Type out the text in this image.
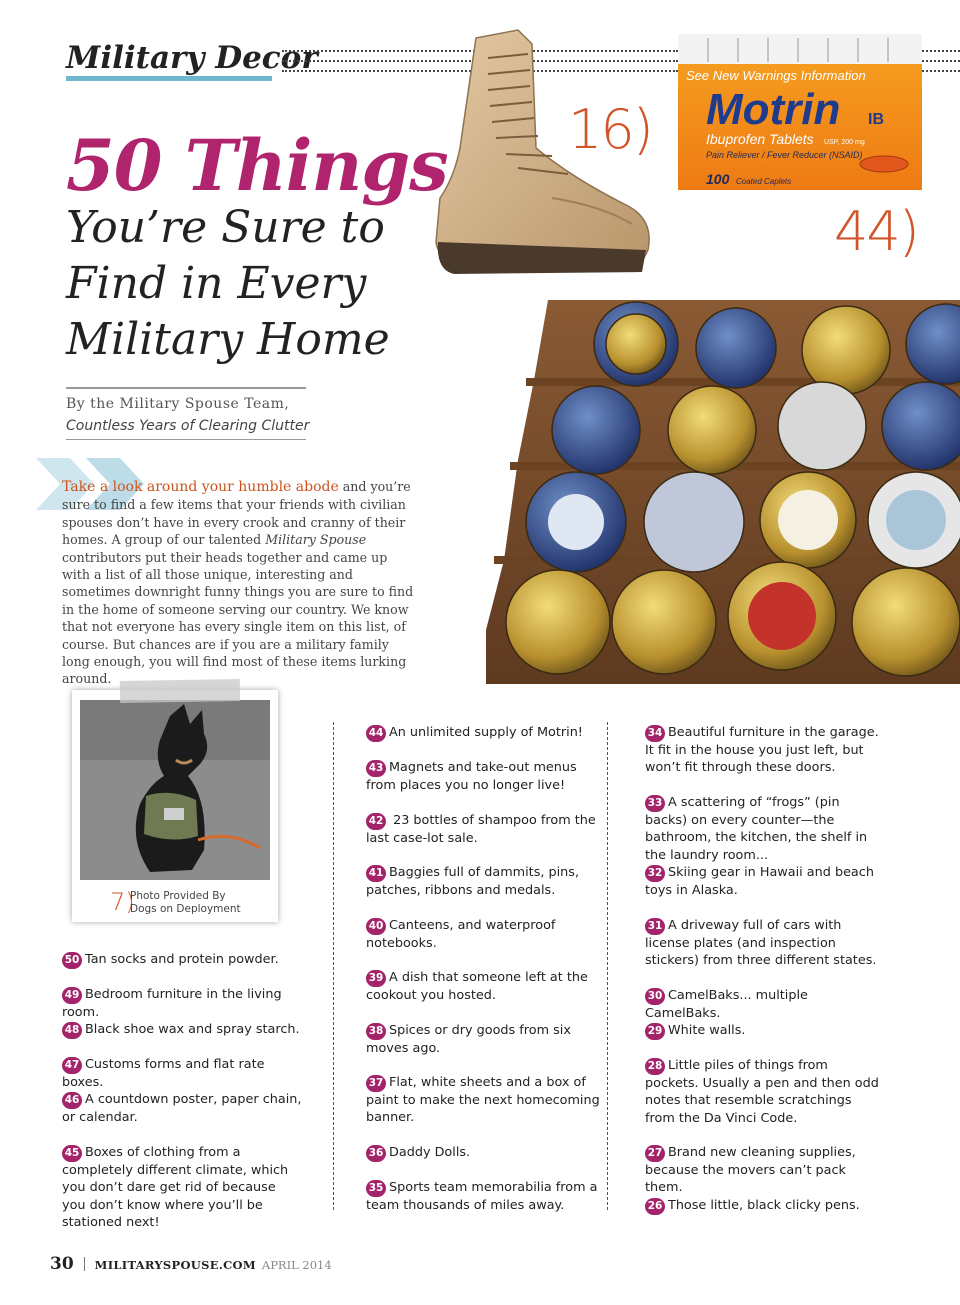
Military Decor
50 Things
You’re Sure to
Find in Every
Military Home
By the Military Spouse Team,
Countless Years of Clearing Clutter

Take a look around your humble abode and you’re sure to find a few items that your friends with civilian spouses don’t have in every crook and cranny of their homes. A group of our talented Military Spouse contributors put their heads together and came up with a list of all those unique, interesting and sometimes downright funny things you are sure to find in the home of someone serving our country. We know that not everyone has every single item on this list, of course. But chances are if you are a military family long enough, you will find most of these items lurking around.

16)
See New Warnings Information
Motrin IB
Ibuprofen Tablets USP, 200 mg
Pain Reliever / Fever Reducer (NSAID)
100 Coated Caplets
44)
7)
Photo Provided By
Dogs on Deployment
50 Tan socks and protein powder.
49 Bedroom furniture in the living room.
48 Black shoe wax and spray starch.
47 Customs forms and flat rate boxes.
46 A countdown poster, paper chain, or calendar.
45 Boxes of clothing from a completely different climate, which you don’t dare get rid of because you don’t know where you’ll be stationed next!
44 An unlimited supply of Motrin!
43 Magnets and take-out menus from places you no longer live!
42 23 bottles of shampoo from the last case-lot sale.
41 Baggies full of dammits, pins, patches, ribbons and medals.
40 Canteens, and waterproof notebooks.
39 A dish that someone left at the cookout you hosted.
38 Spices or dry goods from six moves ago.
37 Flat, white sheets and a box of paint to make the next homecoming banner.
36 Daddy Dolls.
35 Sports team memorabilia from a team thousands of miles away.
34 Beautiful furniture in the garage. It fit in the house you just left, but won’t fit through these doors.
33 A scattering of “frogs” (pin backs) on every counter—the bathroom, the kitchen, the shelf in the laundry room...
32 Skiing gear in Hawaii and beach toys in Alaska.
31 A driveway full of cars with license plates (and inspection stickers) from three different states.
30 CamelBaks... multiple CamelBaks.
29 White walls.
28 Little piles of things from pockets. Usually a pen and then odd notes that resemble scratchings from the Da Vinci Code.
27 Brand new cleaning supplies, because the movers can’t pack them.
26 Those little, black clicky pens.
30 MILITARYSPOUSE.COM APRIL 2014
